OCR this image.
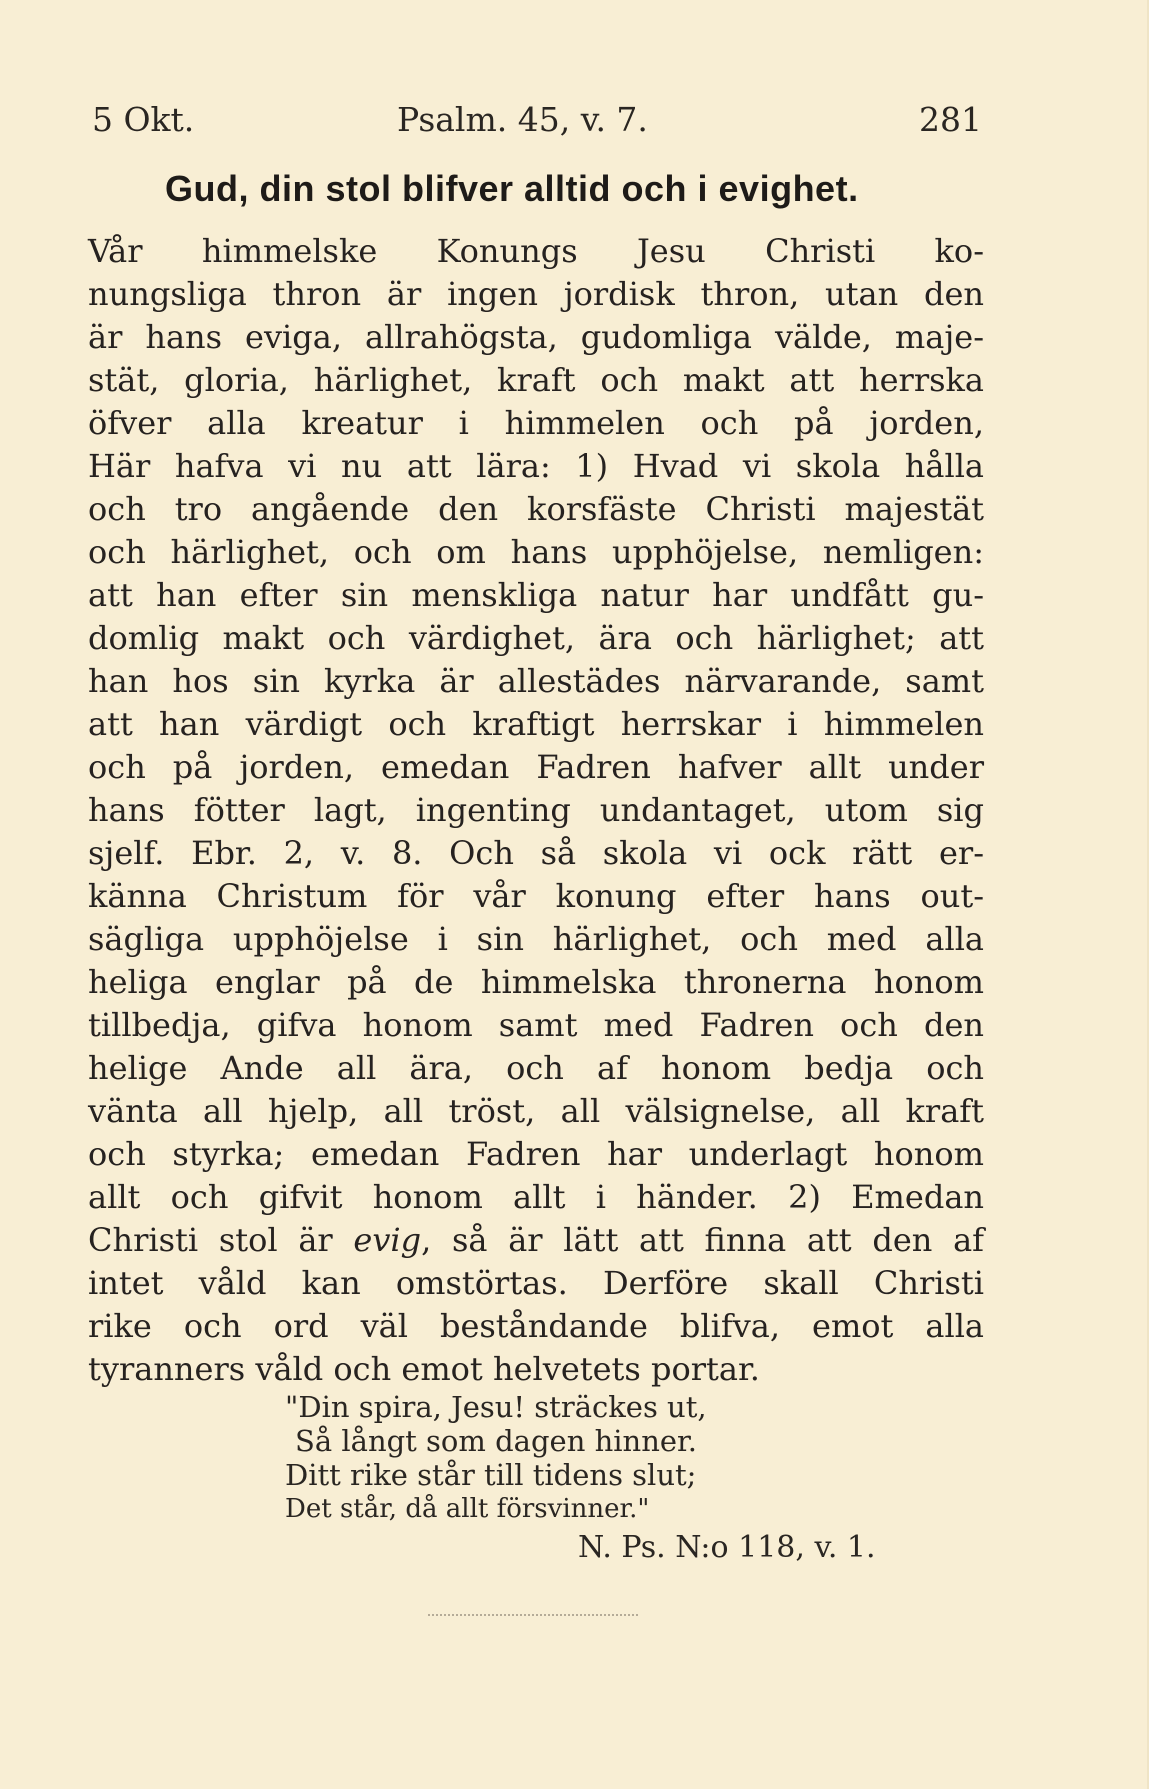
5 Okt.	Psalm. 45, v. 7.	281
Gud, din stol blifver alltid och i evighet.
Vår himmelske Konungs Jesu Christi ko-
nungsliga thron är ingen jordisk thron, utan den
är hans eviga, allrahögsta, gudomliga välde, maje-
stät, gloria, härlighet, kraft och makt att herrska
öfver alla kreatur i himmelen och på jorden,
Här hafva vi nu att lära: 1) Hvad vi skola hålla
och tro angående den korsfäste Christi majestät
och härlighet, och om hans upphöjelse, nemligen:
att han efter sin menskliga natur har undfått gu-
domlig makt och värdighet, ära och härlighet; att
han hos sin kyrka är allestädes närvarande, samt
att han värdigt och kraftigt herrskar i himmelen
och på jorden, emedan Fadren hafver allt under
hans fötter lagt, ingenting undantaget, utom sig
sjelf. Ebr. 2, v. 8. Och så skola vi ock rätt er-
känna Christum för vår konung efter hans out-
sägliga upphöjelse i sin härlighet, och med alla
heliga englar på de himmelska thronerna honom
tillbedja, gifva honom samt med Fadren och den
helige Ande all ära, och af honom bedja och
vänta all hjelp, all tröst, all välsignelse, all kraft
och styrka; emedan Fadren har underlagt honom
allt och gifvit honom allt i händer. 2) Emedan
Christi stol är evig, så är lätt att finna att den af
intet våld kan omstörtas. Derföre skall Christi
rike och ord väl beståndande blifva, emot alla
tyranners våld och emot helvetets portar.
"Din spira, Jesu! sträckes ut,
Så långt som dagen hinner.
Ditt rike står till tidens slut;
Det står, då allt försvinner."
N. Ps. N:o 118, v. 1.
